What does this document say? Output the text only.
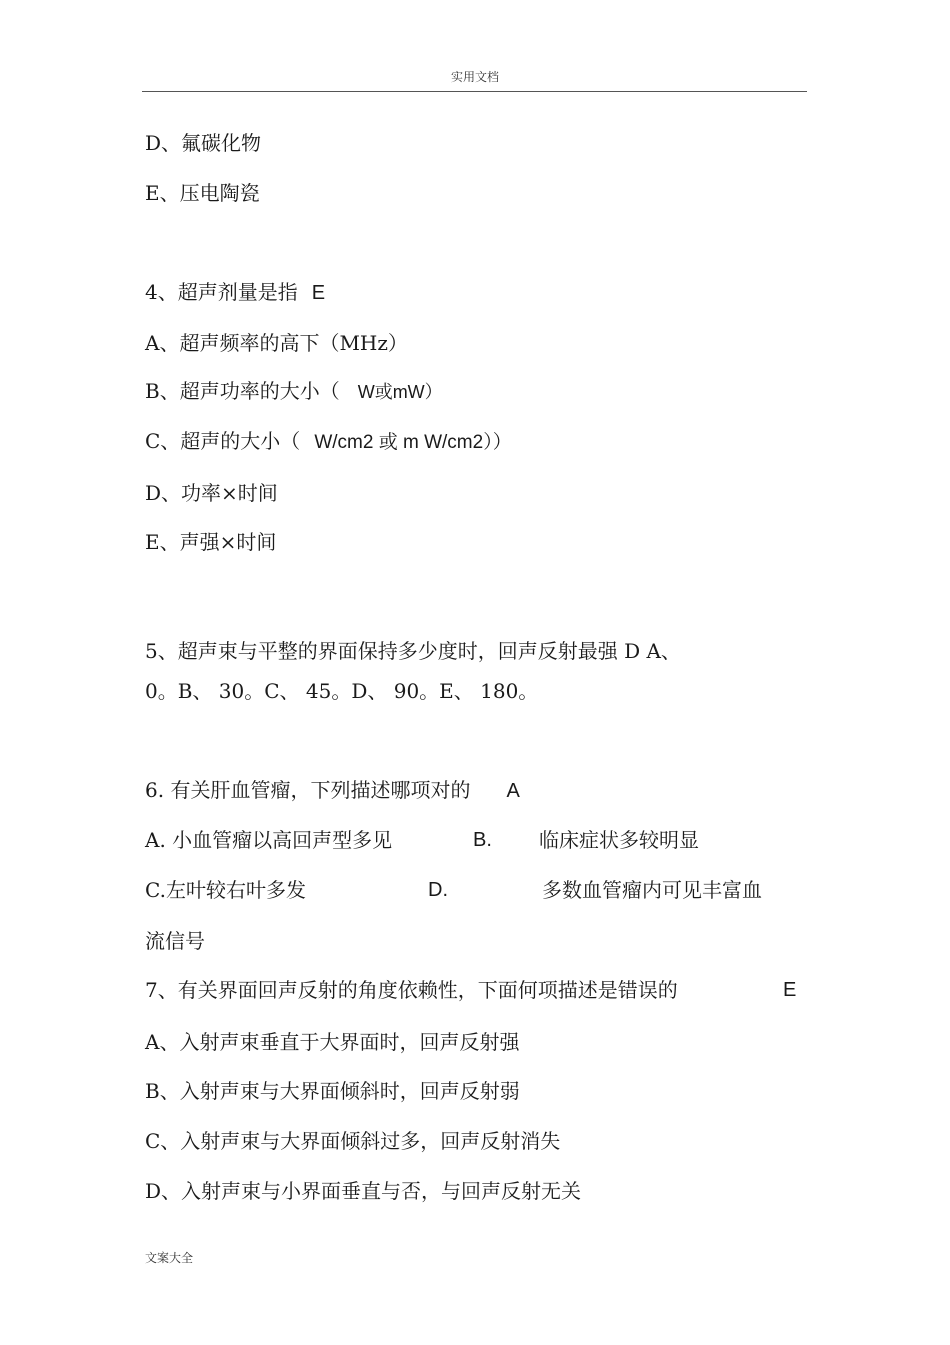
实用文档
D、氟碳化物
E、压电陶瓷
4、超声剂量是指 E
A、超声频率的高下（MHz）
B、超声功率的大小（ W或mW）
C、超声的大小（ W/cm2 或 m W/cm2））
D、功率×时间
E、声强×时间
5、超声束与平整的界面保持多少度时，回声反射最强 D A、
0。B、 30。C、 45。D、 90。E、 180。
6. 有关肝血管瘤，下列描述哪项对的 A
A. 小血管瘤以高回声型多见	B. 临床症状多较明显
C.左叶较右叶多发	D.	多数血管瘤内可见丰富血
流信号
7、有关界面回声反射的角度依赖性，下面何项描述是错误的	E
A、入射声束垂直于大界面时，回声反射强
B、入射声束与大界面倾斜时，回声反射弱
C、入射声束与大界面倾斜过多，回声反射消失
D、入射声束与小界面垂直与否，与回声反射无关
文案大全
